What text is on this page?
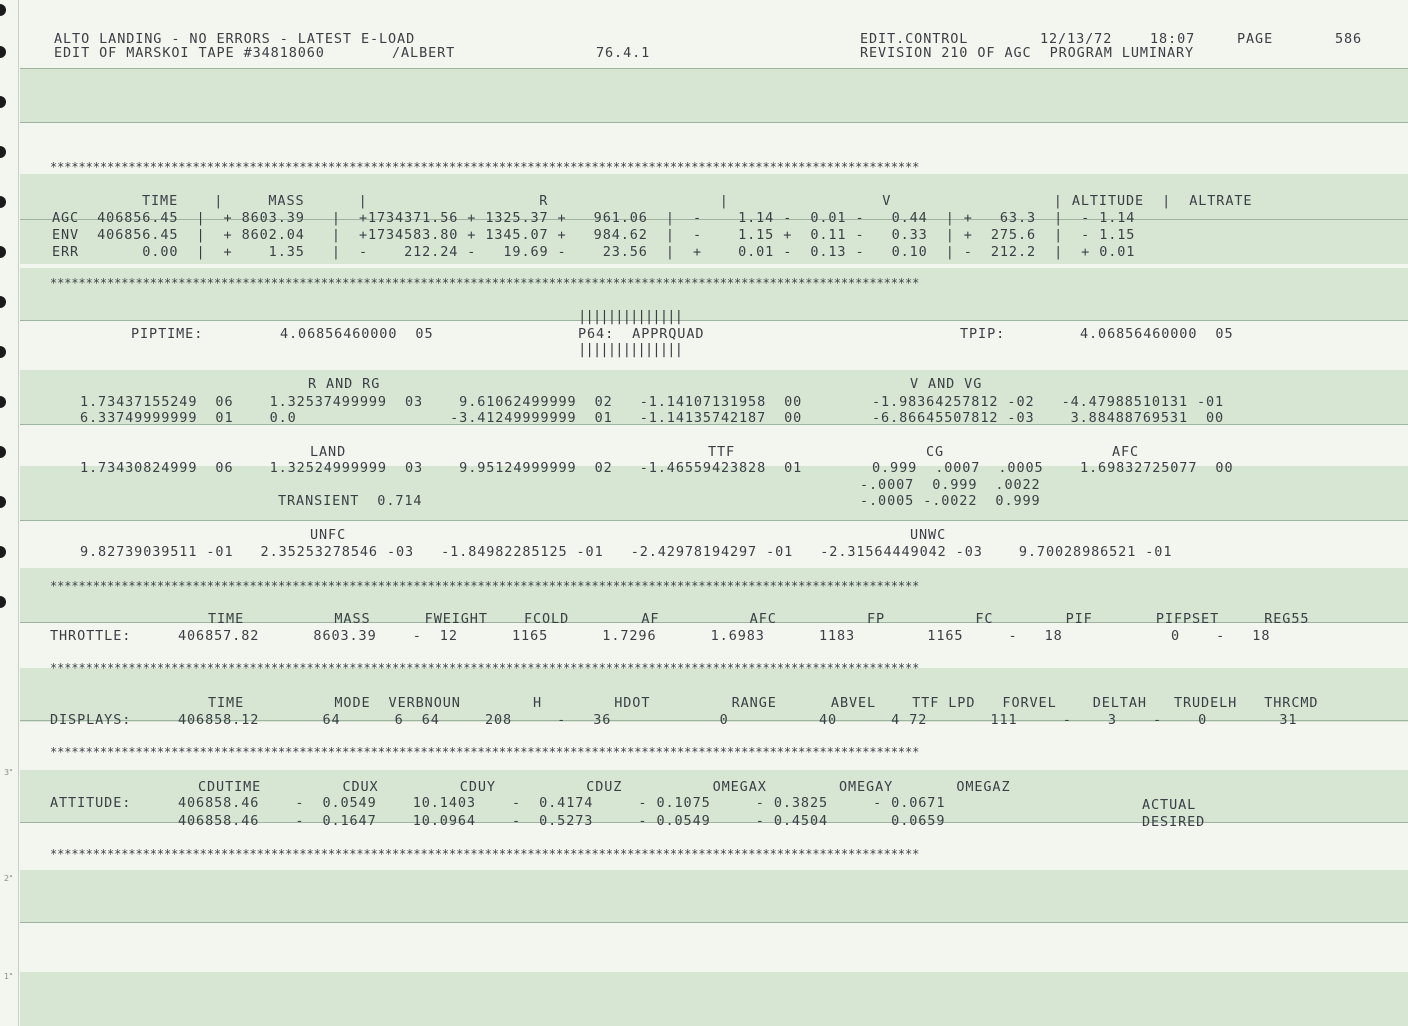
3"
2"
1"
ALTO LANDING - NO ERRORS - LATEST E-LOAD
EDIT OF MARSKOI TAPE #34818060	/ALBERT	76.4.1
EDIT.CONTROL	12/13/72	18:07	PAGE	586
REVISION 210 OF AGC  PROGRAM LUMINARY
**************************************************************************************************************************
**************************************************************************************************************************
**************************************************************************************************************************
**************************************************************************************************************************
**************************************************************************************************************************
**************************************************************************************************************************
TIME    |     MASS      |                   R                   |                 V                  | ALTITUDE  |  ALTRATE
AGC  406856.45  |  + 8603.39   |  +1734371.56 + 1325.37 +   961.06  |  -    1.14 -  0.01 -   0.44  | +   63.3  |  - 1.14
ENV  406856.45  |  + 8602.04   |  +1734583.80 + 1345.07 +   984.62  |  -    1.15 +  0.11 -   0.33  | +  275.6  |  - 1.15
ERR       0.00  |  +    1.35   |  -    212.24 -   19.69 -    23.56  |  +    0.01 -  0.13 -   0.10  | -  212.2  |  + 0.01
PIPTIME:	4.06856460000  05
||||||||||||||
P64:  APPRQUAD
||||||||||||||
TPIP:	4.06856460000  05
R AND RG	V AND VG
1.73437155249  06    1.32537499999  03    9.61062499999  02   -1.14107131958  00	-1.98364257812 -02   -4.47988510131 -01
6.33749999999  01    0.0                 -3.41249999999  01   -1.14135742187  00	-6.86645507812 -03    3.88488769531  00
LAND	TTF	CG	AFC
1.73430824999  06    1.32524999999  03    9.95124999999  02   -1.46559423828  01	0.999  .0007  .0005	1.69832725077  00
-.0007  0.999  .0022
TRANSIENT  0.714	-.0005 -.0022  0.999
UNFC	UNWC
9.82739039511 -01   2.35253278546 -03   -1.84982285125 -01   -2.42978194297 -01   -2.31564449042 -03    9.70028986521 -01
TIME          MASS      FWEIGHT    FCOLD        AF          AFC          FP          FC        PIF       PIFPSET     REG55
THROTTLE:	406857.82      8603.39    -  12      1165      1.7296      1.6983      1183        1165     -   18            0    -   18
TIME          MODE  VERBNOUN        H        HDOT         RANGE      ABVEL    TTF LPD   FORVEL    DELTAH   TRUDELH   THRCMD
DISPLAYS:	406858.12       64      6  64     208     -   36            0          40      4 72       111     -    3    -    0        31
CDUTIME         CDUX         CDUY          CDUZ          OMEGAX        OMEGAY       OMEGAZ
ATTITUDE:	406858.46    -  0.0549    10.1403    -  0.4174     - 0.1075     - 0.3825     - 0.0671	ACTUAL
406858.46    -  0.1647    10.0964    -  0.5273     - 0.0549     - 0.4504       0.0659	DESIRED
